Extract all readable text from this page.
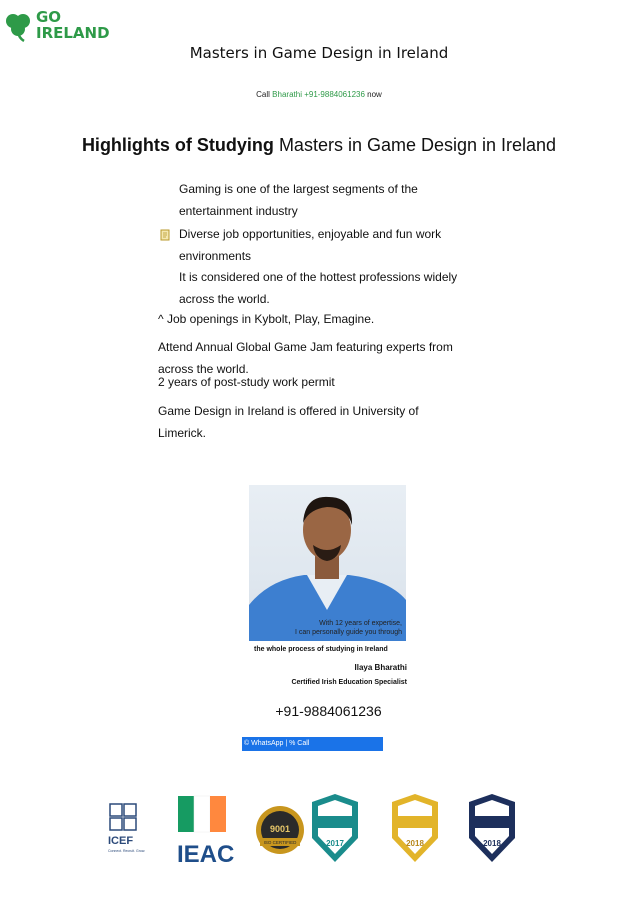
GO
IRELAND
Masters in Game Design in Ireland
Call Bharathi +91-9884061236 now
Highlights of Studying Masters in Game Design in Ireland
Gaming is one of the largest segments of the
entertainment industry
Diverse job opportunities, enjoyable and fun work
environments
It is considered one of the hottest professions widely
across the world.
^ Job openings in Kybolt, Play, Emagine.
Attend Annual Global Game Jam featuring experts from
across the world.
2 years of post-study work permit
Game Design in Ireland is offered in University of
Limerick.
With 12 years of expertise,
I can personally guide you through
the whole process of studying in Ireland
Ilaya Bharathi
Certified Irish Education Specialist
+91-9884061236
© WhatsApp | % Call
ICEF
Connect. Recruit. Grow. IEAC
9001
ISO CERTIFIED	2017	2018	2018
